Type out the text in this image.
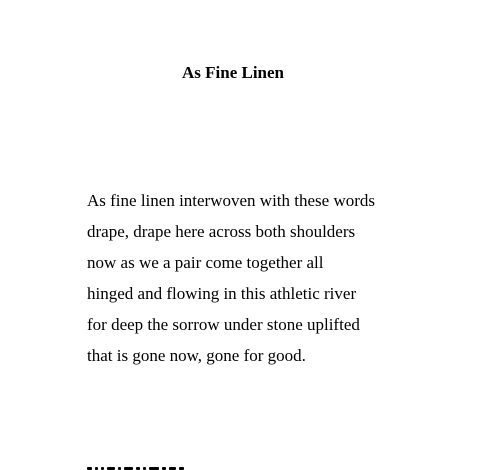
As Fine Linen
As fine linen interwoven with these words
drape, drape here across both shoulders
now as we a pair come together all
hinged and flowing in this athletic river
for deep the sorrow under stone uplifted
that is gone now, gone for good.
